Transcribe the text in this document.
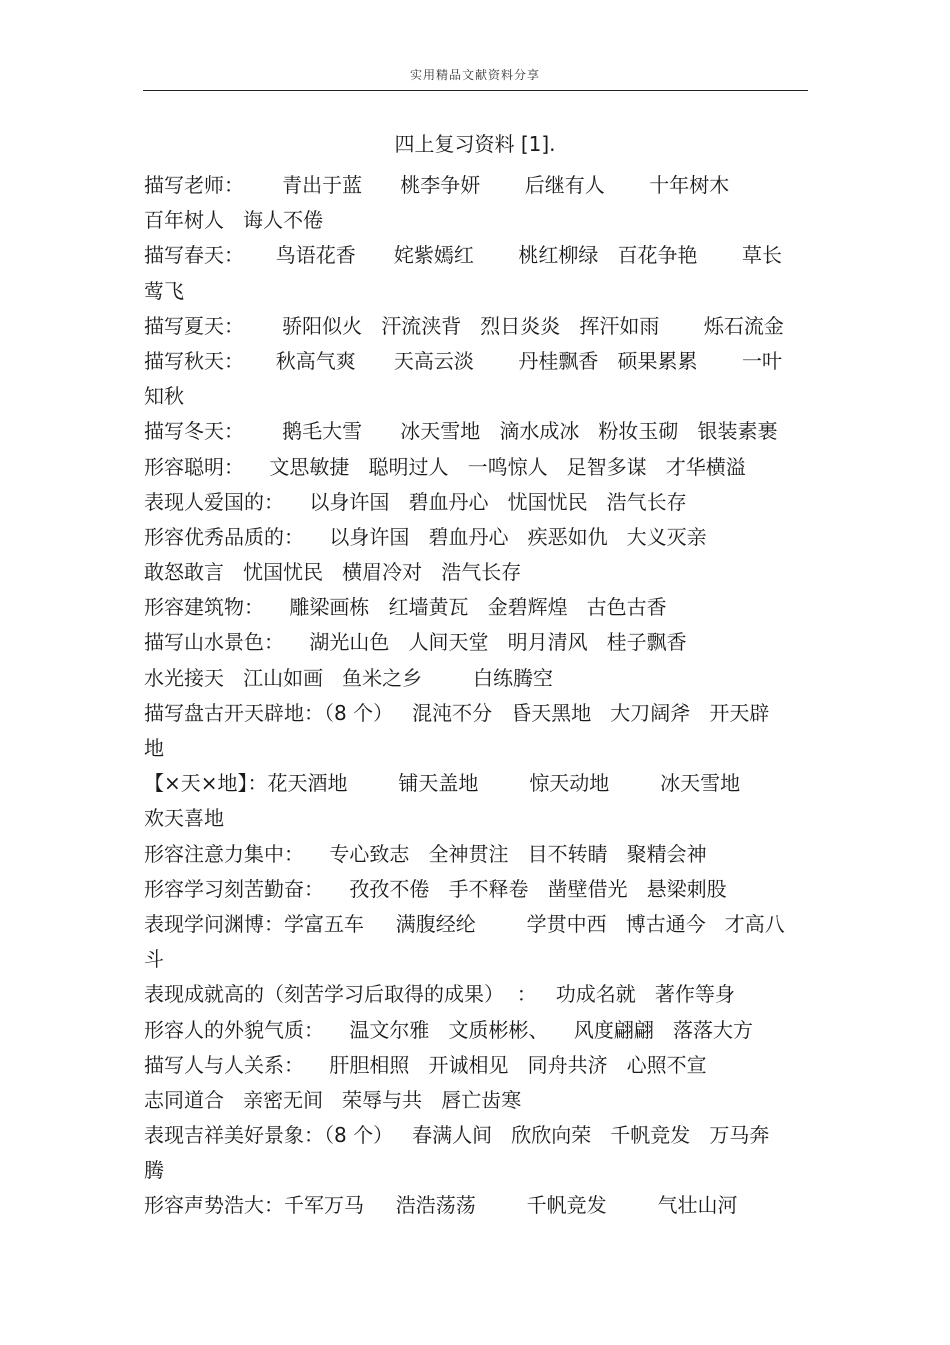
实用精品文献资料分享
四上复习资料 [1].
描写老师：      青出于蓝      桃李争妍       后继有人       十年树木
百年树人   诲人不倦
描写春天：     鸟语花香      姹紫嫣红       桃红柳绿   百花争艳       草长
莺飞
描写夏天：      骄阳似火   汗流浃背   烈日炎炎   挥汗如雨       烁石流金
描写秋天：     秋高气爽      天高云淡       丹桂飘香   硕果累累       一叶
知秋
描写冬天：      鹅毛大雪      冰天雪地   滴水成冰   粉妆玉砌   银装素裹
形容聪明：    文思敏捷   聪明过人   一鸣惊人   足智多谋   才华横溢
表现人爱国的：    以身许国   碧血丹心   忧国忧民   浩气长存
形容优秀品质的：    以身许国   碧血丹心   疾恶如仇   大义灭亲
敢怒敢言   忧国忧民   横眉冷对   浩气长存
形容建筑物：    雕梁画栋   红墙黄瓦   金碧辉煌   古色古香
描写山水景色：    湖光山色   人间天堂   明月清风   桂子飘香
水光接天   江山如画   鱼米之乡        白练腾空
描写盘古开天辟地：（8 个）   混沌不分   昏天黑地   大刀阔斧   开天辟
地
【×天×地】：花天酒地        铺天盖地        惊天动地        冰天雪地
欢天喜地
形容注意力集中：    专心致志   全神贯注   目不转睛   聚精会神
形容学习刻苦勤奋：    孜孜不倦   手不释卷   凿壁借光   悬梁刺股
表现学问渊博：学富五车     满腹经纶        学贯中西   博古通今   才高八
斗
表现成就高的（刻苦学习后取得的成果）  ：   功成名就   著作等身
形容人的外貌气质：    温文尔雅   文质彬彬、    风度翩翩   落落大方
描写人与人关系：    肝胆相照   开诚相见   同舟共济   心照不宣
志同道合   亲密无间   荣辱与共   唇亡齿寒
表现吉祥美好景象：（8 个）   春满人间   欣欣向荣   千帆竞发   万马奔
腾
形容声势浩大：千军万马     浩浩荡荡        千帆竞发        气壮山河
